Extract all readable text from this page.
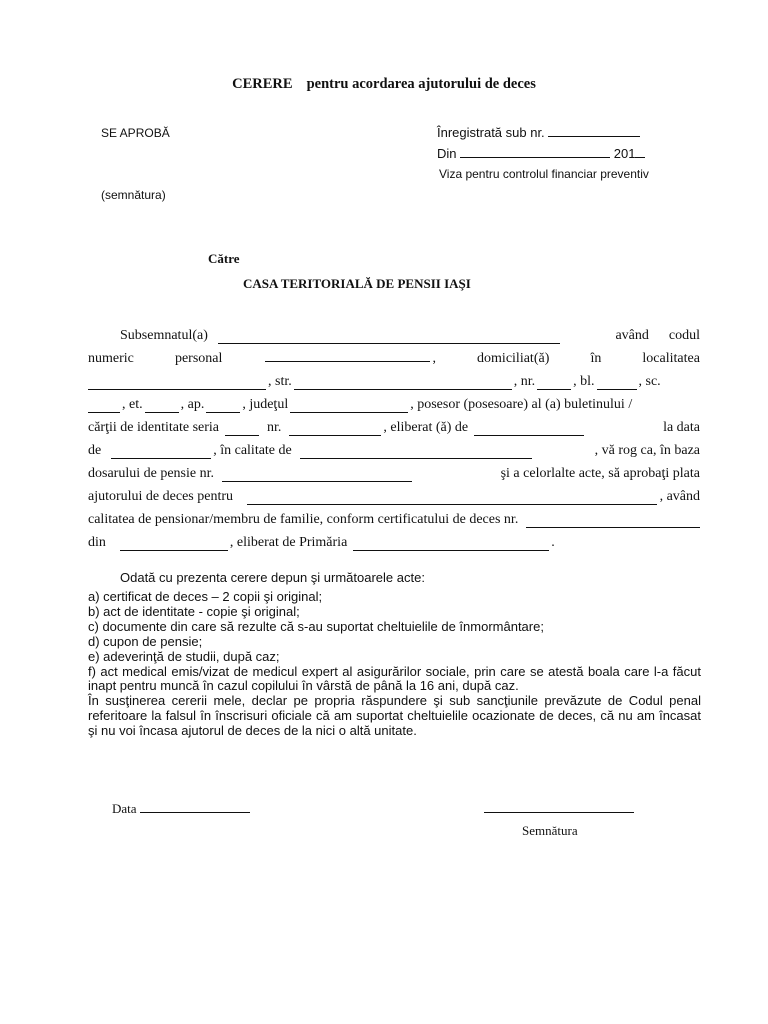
CERERE pentru acordarea ajutorului de deces
SE APROBĂ
(semnătura)
Înregistrată sub nr.
Din	201
Viza pentru controlul financiar preventiv
Către
CASA TERITORIALĂ DE PENSII IAŞI
Subsemnatul(a)	având codul
numeric	personal	,	domiciliat(ă)	în	localitatea
, str.	, nr.	, bl.	, sc.
, et.	, ap.	, judeţul	, posesor (posesoare) al (a) buletinului /
cărţii de identitate seria	nr.	, eliberat (ă) de	la data
de	, în calitate de	, vă rog ca, în baza
dosarului de pensie nr.	şi a celorlalte acte, să aprobaţi plata
ajutorului de deces pentru	, având
calitatea de pensionar/membru de familie, conform certificatului de deces nr.
din	, eliberat de Primăria	.
Odată cu prezenta cerere depun şi următoarele acte:
a) certificat de deces – 2 copii şi original;
b) act de identitate - copie şi original;
c) documente din care să rezulte că s-au suportat cheltuielile de înmormântare;
d) cupon de pensie;
e) adeverinţă de studii, după caz;
f) act medical emis/vizat de medicul expert al asigurărilor sociale, prin care se atestă boala care l-a făcut inapt pentru muncă în cazul copilului în vârstă de până la 16 ani, după caz.
În susţinerea cererii mele, declar pe propria răspundere şi sub sancţiunile prevăzute de Codul penal referitoare la falsul în înscrisuri oficiale că am suportat cheltuielile ocazionate de deces, că nu am încasat şi nu voi încasa ajutorul de deces de la nici o altă unitate.
Data
Semnătura
